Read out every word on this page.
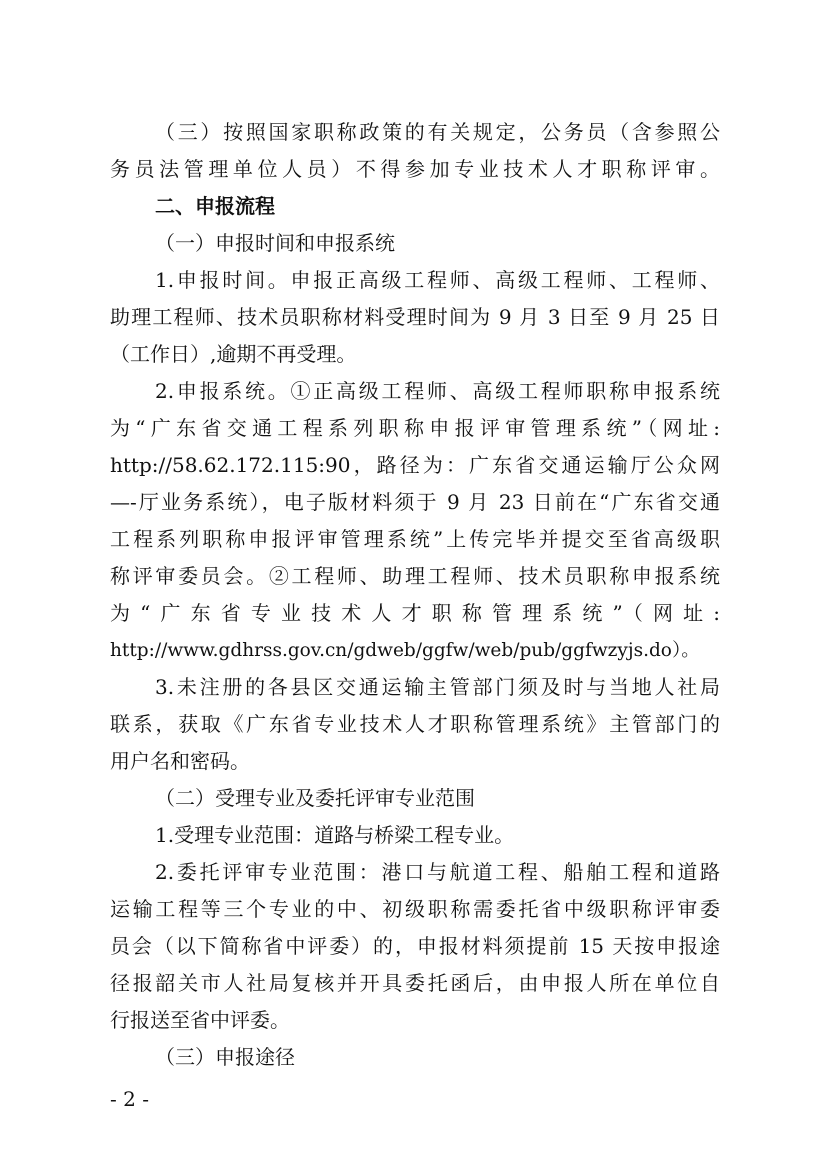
（三）按照国家职称政策的有关规定，公务员（含参照公
务员法管理单位人员）不得参加专业技术人才职称评审。
二、申报流程
（一）申报时间和申报系统
1.申报时间。申报正高级工程师、高级工程师、工程师、
助理工程师、技术员职称材料受理时间为 9 月 3 日至 9 月 25 日
（工作日）,逾期不再受理。
2.申报系统。①正高级工程师、高级工程师职称申报系统
为“广东省交通工程系列职称申报评审管理系统”（网址:
http://58.62.172.115:90，路径为：广东省交通运输厅公众网
—-厅业务系统），电子版材料须于 9 月 23 日前在“广东省交通
工程系列职称申报评审管理系统”上传完毕并提交至省高级职
称评审委员会。②工程师、助理工程师、技术员职称申报系统
为“广东省专业技术人才职称管理系统”（网址:
http://www.gdhrss.gov.cn/gdweb/ggfw/web/pub/ggfwzyjs.do）。
3.未注册的各县区交通运输主管部门须及时与当地人社局
联系，获取《广东省专业技术人才职称管理系统》主管部门的
用户名和密码。
（二）受理专业及委托评审专业范围
1.受理专业范围：道路与桥梁工程专业。
2.委托评审专业范围：港口与航道工程、船舶工程和道路
运输工程等三个专业的中、初级职称需委托省中级职称评审委
员会（以下简称省中评委）的，申报材料须提前 15 天按申报途
径报韶关市人社局复核并开具委托函后，由申报人所在单位自
行报送至省中评委。
（三）申报途径
- 2 -
